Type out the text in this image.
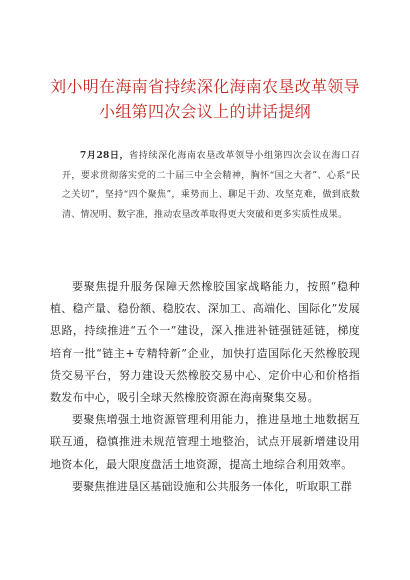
刘小明在海南省持续深化海南农垦改革领导小组第四次会议上的讲话提纲

7月28日，省持续深化海南农垦改革领导小组第四次会议在海口召开，要求贯彻落实党的二十届三中全会精神，胸怀“国之大者”、心系“民之关切”，坚持“四个聚焦”，乘势而上、聊足干劲、攻坚克难，做到底数清、情况明、数字准，推动农垦改革取得更大突破和更多实质性成果。

要聚焦提升服务保障天然橡胶国家战略能力，按照“稳种植、稳产量、稳份额、稳胶农、深加工、高端化、国际化”发展思路，持续推进“五个一”建设，深入推进补链强链延链，梯度培育一批“链主+专精特新”企业，加快打造国际化天然橡胶现货交易平台，努力建设天然橡胶交易中心、定价中心和价格指数发布中心，吸引全球天然橡胶资源在海南聚集交易。

要聚焦增强土地资源管理利用能力，推进垦地土地数据互联互通，稳慎推进未规范管理土地整治，试点开展新增建设用地资本化，最大限度盘活土地资源，提高土地综合利用效率。

要聚焦推进垦区基础设施和公共服务一体化，听取职工群
